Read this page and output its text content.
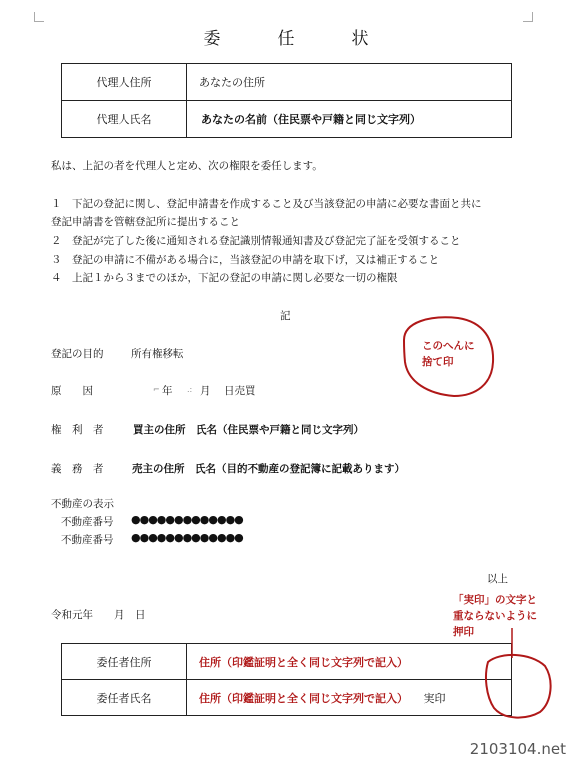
委　任　状
代理人住所	あなたの住所
代理人氏名	あなたの名前（住民票や戸籍と同じ文字列）
私は、上記の者を代理人と定め、次の権限を委任します。
１　下記の登記に関し、登記申請書を作成すること及び当該登記の申請に必要な書面と共に
登記申請書を管轄登記所に提出すること
２　登記が完了した後に通知される登記識別情報通知書及び登記完了証を受領すること
３　登記の申請に不備がある場合に，当該登記の申請を取下げ，又は補正すること
４　上記１から３までのほか，下記の登記の申請に関し必要な一切の権限
記
登記の目的	所有権移転
原　　因	⌐ 年 .: 月 日売買
権　利　者	買主の住所　氏名（住民票や戸籍と同じ文字列）
義　務　者	売主の住所　氏名（目的不動産の登記簿に記載あります）
不動産の表示
不動産番号 ●●●●●●●●●●●●●
不動産番号 ●●●●●●●●●●●●●
以上
令和元年　　月　日
委任者住所	住所（印鑑証明と全く同じ文字列で記入）
委任者氏名	住所（印鑑証明と全く同じ文字列で記入） 実印
このへんに
捨て印
「実印」の文字と
重ならないように
押印
2103104.net
